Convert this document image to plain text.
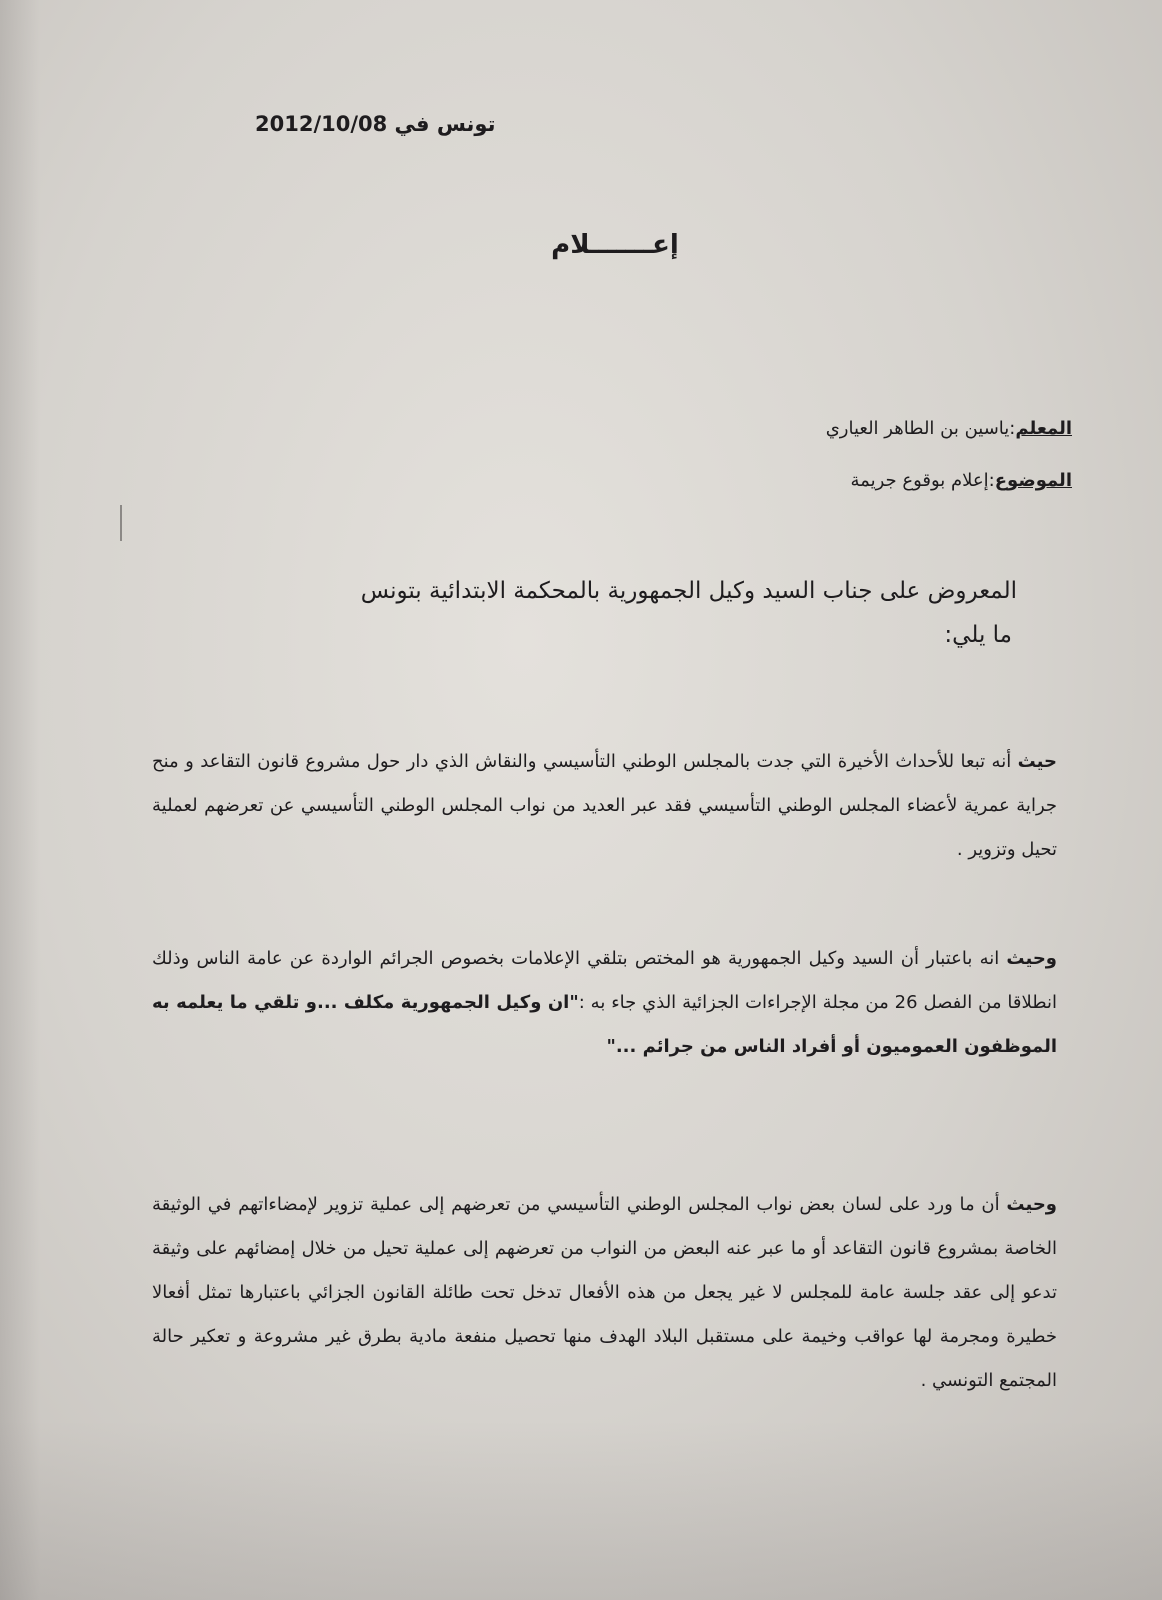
تونس في 2012/10/08
إعـــــــلام
المعلم:ياسين بن الطاهر العياري
الموضوع:إعلام بوقوع جريمة
المعروض على جناب السيد وكيل الجمهورية بالمحكمة الابتدائية بتونس
ما يلي:
حيث أنه تبعا للأحداث الأخيرة التي جدت بالمجلس الوطني التأسيسي والنقاش الذي دار حول مشروع قانون التقاعد و منح جراية عمرية لأعضاء المجلس الوطني التأسيسي فقد عبر العديد من نواب المجلس الوطني التأسيسي عن تعرضهم لعملية تحيل وتزوير .
وحيث انه باعتبار أن السيد وكيل الجمهورية هو المختص بتلقي الإعلامات بخصوص الجرائم الواردة عن عامة الناس وذلك انطلاقا من الفصل 26 من مجلة الإجراءات الجزائية الذي جاء به :"ان وكيل الجمهورية مكلف ...و تلقي ما يعلمه به الموظفون العموميون أو أفراد الناس من جرائم ..."
وحيث أن ما ورد على لسان بعض نواب المجلس الوطني التأسيسي من تعرضهم إلى عملية تزوير لإمضاءاتهم في الوثيقة الخاصة بمشروع قانون التقاعد أو ما عبر عنه البعض من النواب من تعرضهم إلى عملية تحيل من خلال إمضائهم على وثيقة تدعو إلى عقد جلسة عامة للمجلس لا غير يجعل من هذه الأفعال تدخل تحت طائلة القانون الجزائي باعتبارها تمثل أفعالا خطيرة ومجرمة لها عواقب وخيمة على مستقبل البلاد الهدف منها تحصيل منفعة مادية بطرق غير مشروعة و تعكير حالة المجتمع التونسي .
